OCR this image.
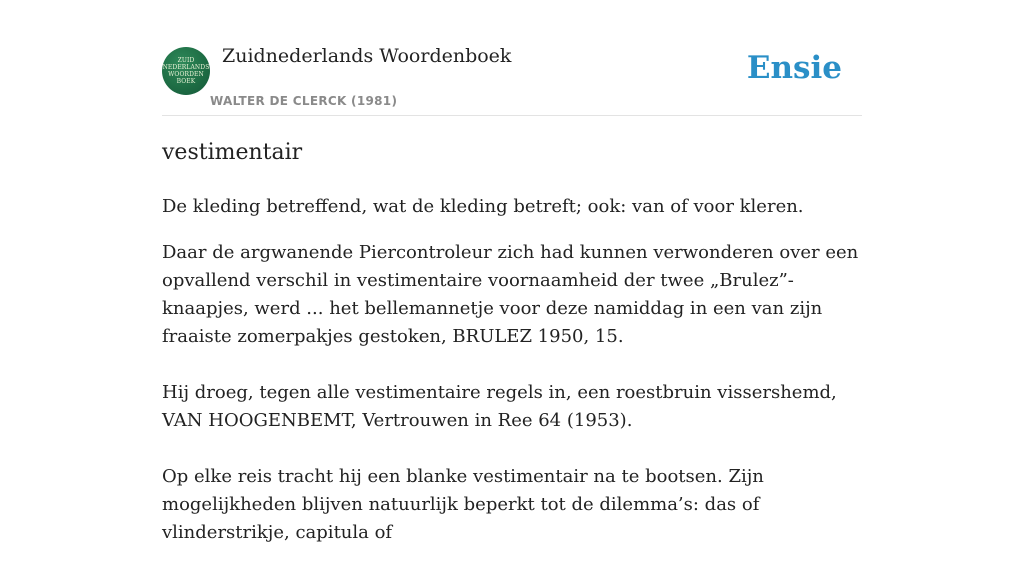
ZUID
NEDERLANDS
WOORDEN
BOEK
Zuidnederlands Woordenboek
WALTER DE CLERCK (1981)
Ensie
vestimentair

De kleding betreffend, wat de kleding betreft; ook: van of voor kleren.

Daar de argwanende Piercontroleur zich had kunnen verwonderen over een opvallend verschil in vestimentaire voornaamheid der twee „Brulez”-knaapjes, werd ... het bellemannetje voor deze namiddag in een van zijn fraaiste zomerpakjes gestoken, BRULEZ 1950, 15.

Hij droeg, tegen alle vestimentaire regels in, een roestbruin vissershemd, VAN HOOGENBEMT, Vertrouwen in Ree 64 (1953).

Op elke reis tracht hij een blanke vestimentair na te bootsen. Zijn mogelijkheden blijven natuurlijk beperkt tot de dilemma’s: das of vlinderstrikje, capitula of
